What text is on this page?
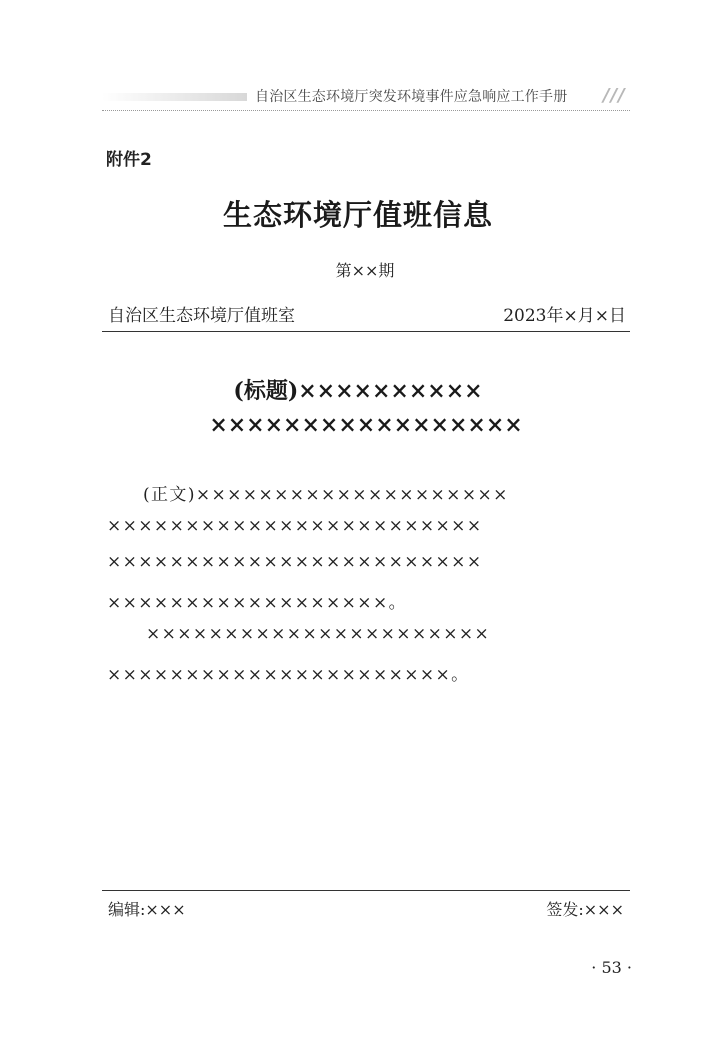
自治区生态环境厅突发环境事件应急响应工作手册	///
附件2
生态环境厅值班信息
第××期
自治区生态环境厅值班室	2023年×月×日
(标题)××××××××××
×××××××××××××××××
(正文)××××××××××××××××××××
××××××××××××××××××××××××
××××××××××××××××××××××××
××××××××××××××××××。
××××××××××××××××××××××
××××××××××××××××××××××。
编辑:×××	签发:×××
· 53 ·
